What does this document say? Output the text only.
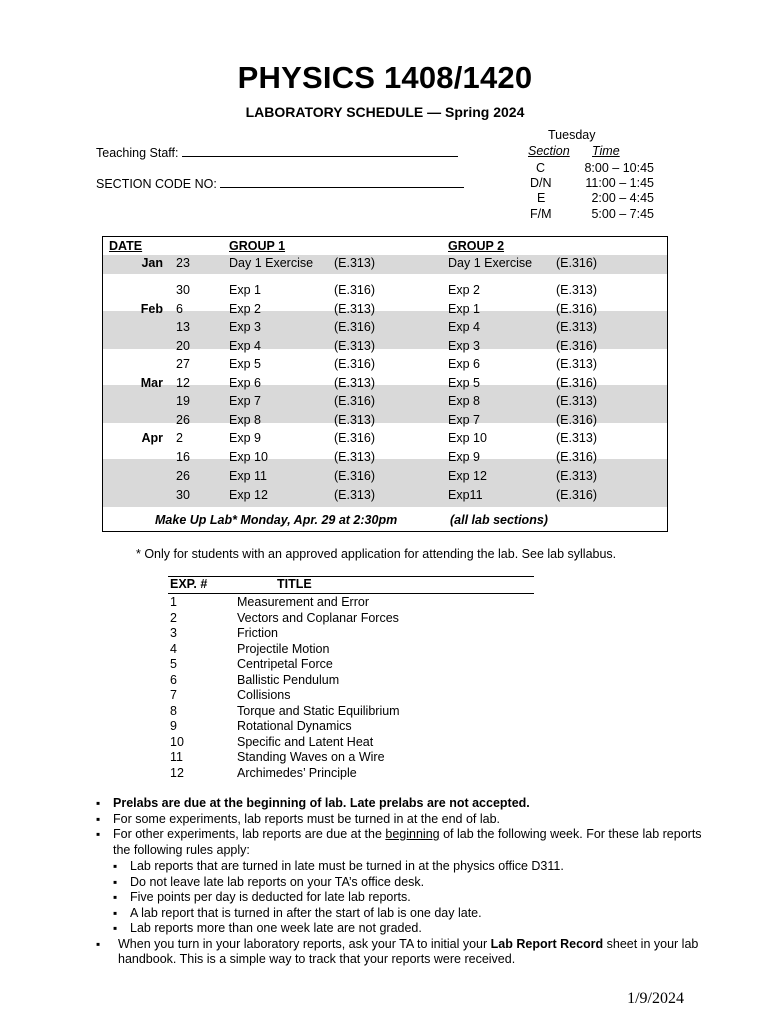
PHYSICS 1408/1420
LABORATORY SCHEDULE — Spring 2024
Teaching Staff:
SECTION CODE NO:
Tuesday
Section Time
C	8:00 – 10:45
D/N	11:00 – 1:45
E	2:00 – 4:45
F/M	5:00 – 7:45
DATE	GROUP 1	GROUP 2
Jan 23	Day 1 Exercise (E.313)	Day 1 Exercise (E.316)
30	Exp 1	(E.316)	Exp 2	(E.313)
Feb 6	Exp 2	(E.313)	Exp 1	(E.316)
13	Exp 3	(E.316)	Exp 4	(E.313)
20	Exp 4	(E.313)	Exp 3	(E.316)
27	Exp 5	(E.316)	Exp 6	(E.313)
Mar 12	Exp 6	(E.313)	Exp 5	(E.316)
19	Exp 7	(E.316)	Exp 8	(E.313)
26	Exp 8	(E.313)	Exp 7	(E.316)
Apr 2	Exp 9	(E.316)	Exp 10	(E.313)
16	Exp 10	(E.313)	Exp 9	(E.316)
26	Exp 11	(E.316)	Exp 12	(E.313)
30	Exp 12	(E.313)	Exp11	(E.316)
Make Up Lab* Monday, Apr. 29 at 2:30pm	(all lab sections)
* Only for students with an approved application for attending the lab. See lab syllabus.
EXP. #	TITLE
1	Measurement and Error
2	Vectors and Coplanar Forces
3	Friction
4	Projectile Motion
5	Centripetal Force
6	Ballistic Pendulum
7	Collisions
8	Torque and Static Equilibrium
9	Rotational Dynamics
10	Specific and Latent Heat
11	Standing Waves on a Wire
12	Archimedes’ Principle
▪ Prelabs are due at the beginning of lab. Late prelabs are not accepted.
▪ For some experiments, lab reports must be turned in at the end of lab.
▪ For other experiments, lab reports are due at the beginning of lab the following week. For these lab reports the following rules apply:
▪ Lab reports that are turned in late must be turned in at the physics office D311.
▪ Do not leave late lab reports on your TA’s office desk.
▪ Five points per day is deducted for late lab reports.
▪ A lab report that is turned in after the start of lab is one day late.
▪ Lab reports more than one week late are not graded.
▪ When you turn in your laboratory reports, ask your TA to initial your Lab Report Record sheet in your lab handbook. This is a simple way to track that your reports were received.
1/9/2024
